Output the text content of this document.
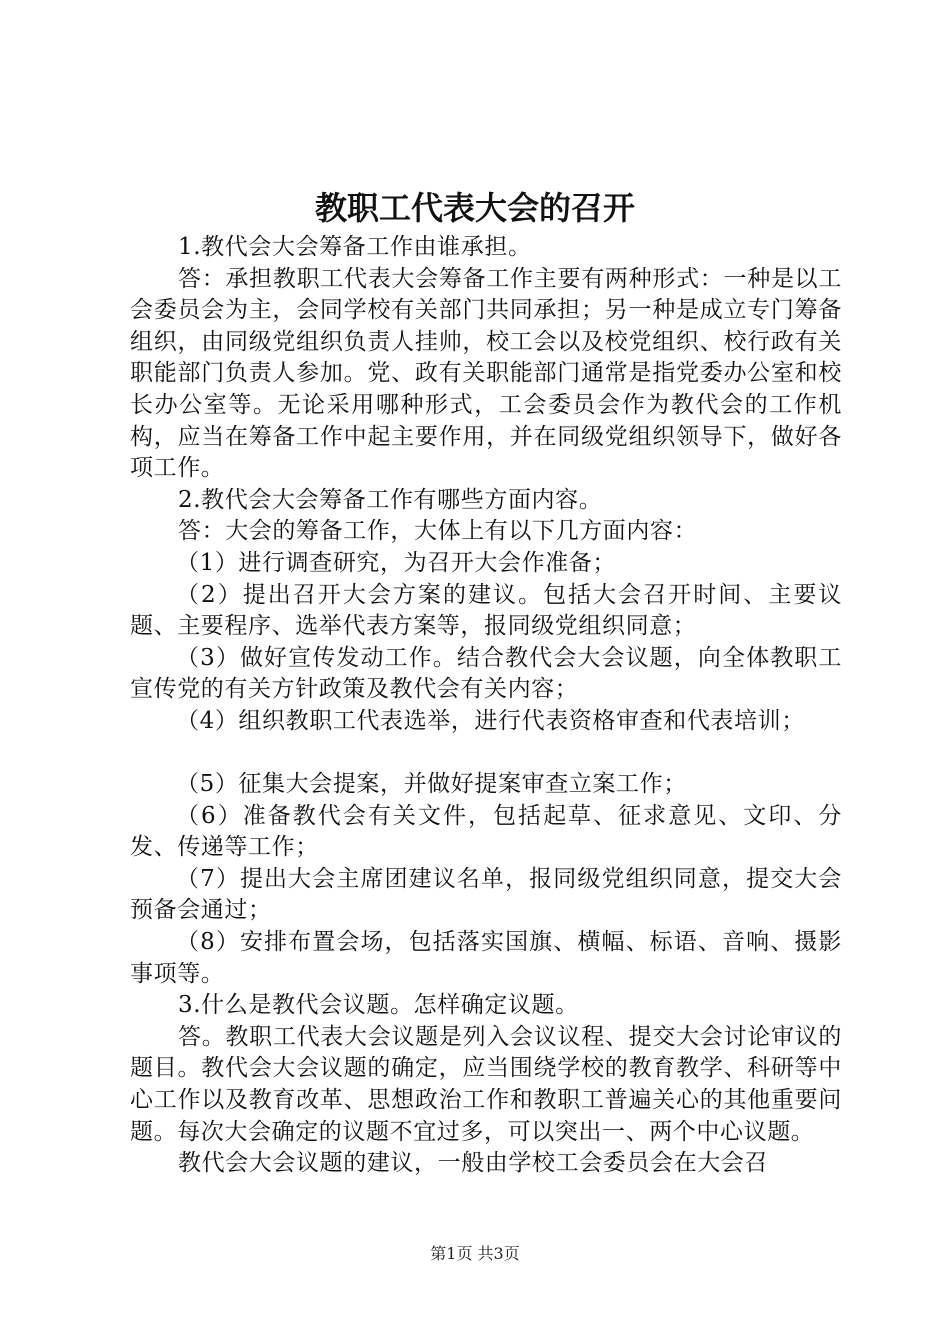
教职工代表大会的召开

1.教代会大会筹备工作由谁承担。

答：承担教职工代表大会筹备工作主要有两种形式：一种是以工会委员会为主，会同学校有关部门共同承担；另一种是成立专门筹备组织，由同级党组织负责人挂帅，校工会以及校党组织、校行政有关职能部门负责人参加。党、政有关职能部门通常是指党委办公室和校长办公室等。无论采用哪种形式，工会委员会作为教代会的工作机构，应当在筹备工作中起主要作用，并在同级党组织领导下，做好各项工作。

2.教代会大会筹备工作有哪些方面内容。

答：大会的筹备工作，大体上有以下几方面内容：

（1）进行调查研究，为召开大会作准备；

（2）提出召开大会方案的建议。包括大会召开时间、主要议题、主要程序、选举代表方案等，报同级党组织同意；

（3）做好宣传发动工作。结合教代会大会议题，向全体教职工宣传党的有关方针政策及教代会有关内容；

（4）组织教职工代表选举，进行代表资格审查和代表培训；

（5）征集大会提案，并做好提案审查立案工作；

（6）准备教代会有关文件，包括起草、征求意见、文印、分发、传递等工作；

（7）提出大会主席团建议名单，报同级党组织同意，提交大会预备会通过；

（8）安排布置会场，包括落实国旗、横幅、标语、音响、摄影事项等。

3.什么是教代会议题。怎样确定议题。

答。教职工代表大会议题是列入会议议程、提交大会讨论审议的题目。教代会大会议题的确定，应当围绕学校的教育教学、科研等中心工作以及教育改革、思想政治工作和教职工普遍关心的其他重要问题。每次大会确定的议题不宜过多，可以突出一、两个中心议题。

教代会大会议题的建议，一般由学校工会委员会在大会召

第1页 共3页
